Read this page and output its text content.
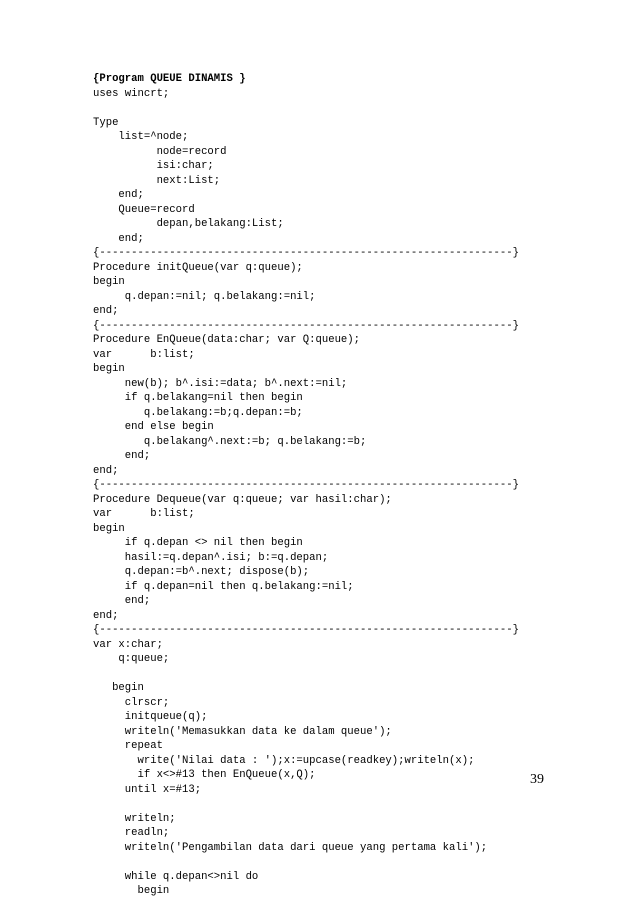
{Program QUEUE DINAMIS }
uses wincrt;
Type
list=^node;
node=record
isi:char;
next:List;
end;
Queue=record
depan,belakang:List;
end;
{-----------------------------------------------------------------}
Procedure initQueue(var q:queue);
begin
q.depan:=nil; q.belakang:=nil;
end;
{-----------------------------------------------------------------}
Procedure EnQueue(data:char; var Q:queue);
var      b:list;
begin
new(b); b^.isi:=data; b^.next:=nil;
if q.belakang=nil then begin
q.belakang:=b;q.depan:=b;
end else begin
q.belakang^.next:=b; q.belakang:=b;
end;
end;
{-----------------------------------------------------------------}
Procedure Dequeue(var q:queue; var hasil:char);
var      b:list;
begin
if q.depan <> nil then begin
hasil:=q.depan^.isi; b:=q.depan;
q.depan:=b^.next; dispose(b);
if q.depan=nil then q.belakang:=nil;
end;
end;
{-----------------------------------------------------------------}
var x:char;
q:queue;
begin
clrscr;
initqueue(q);
writeln('Memasukkan data ke dalam queue');
repeat
write('Nilai data : ');x:=upcase(readkey);writeln(x);
if x<>#13 then EnQueue(x,Q);
until x=#13;
writeln;
readln;
writeln('Pengambilan data dari queue yang pertama kali');
while q.depan<>nil do
begin
39
